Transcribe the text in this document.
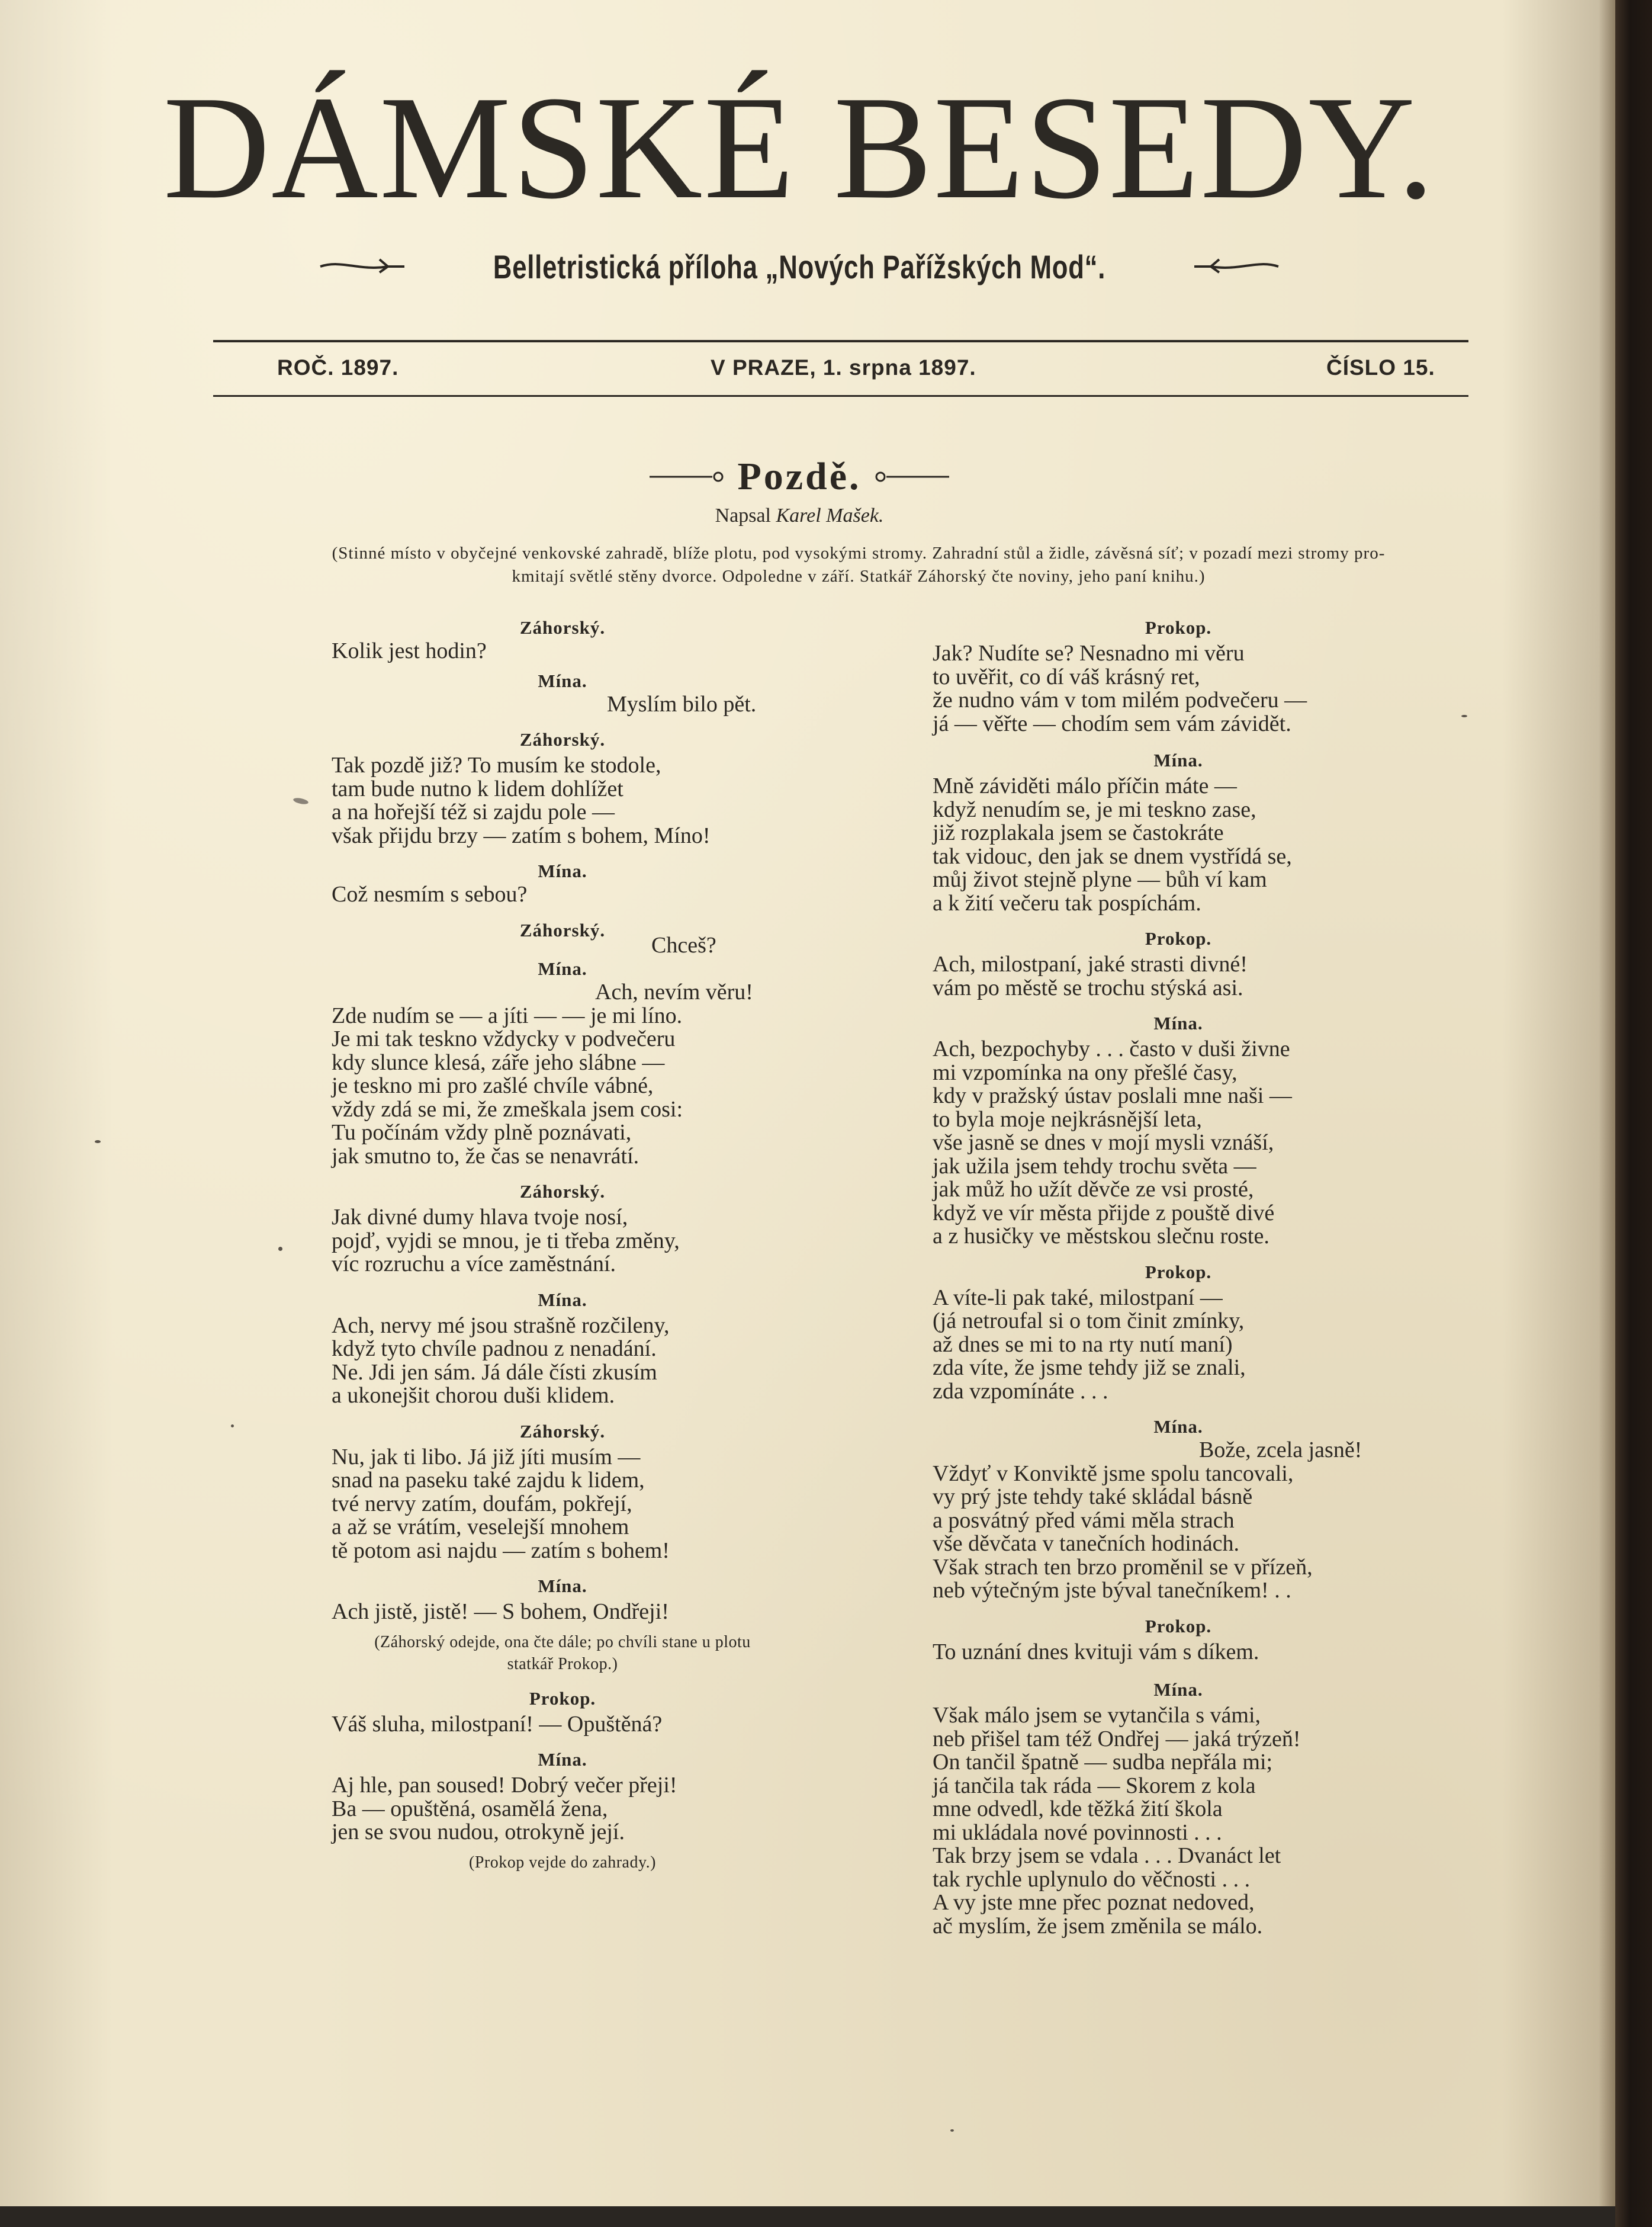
DÁMSKÉ BESEDY.
Belletristická příloha „Nových Pařížských Mod“.
ROČ. 1897.	V PRAZE, 1. srpna 1897.	ČÍSLO 15.
Pozdě.
Napsal Karel Mašek.
(Stinné místo v obyčejné venkovské zahradě, blíže plotu, pod vysokými stromy. Zahradní stůl a židle, závěsná síť; v pozadí mezi stromy pro-
kmitají světlé stěny dvorce. Odpoledne v září. Statkář Záhorský čte noviny, jeho paní knihu.)
Záhorský.
Kolik jest hodin?
Mína.
Myslím bilo pět.
Záhorský.
Tak pozdě již? To musím ke stodole,
tam bude nutno k lidem dohlížet
a na hořejší též si zajdu pole —
však přijdu brzy — zatím s bohem, Míno!
Mína.
Což nesmím s sebou?
Záhorský.
Chceš?
Mína.
Ach, nevím věru!
Zde nudím se — a jíti — — je mi líno.
Je mi tak teskno vždycky v podvečeru
kdy slunce klesá, záře jeho slábne —
je teskno mi pro zašlé chvíle vábné,
vždy zdá se mi, že zmeškala jsem cosi:
Tu počínám vždy plně poznávati,
jak smutno to, že čas se nenavrátí.
Záhorský.
Jak divné dumy hlava tvoje nosí,
pojď, vyjdi se mnou, je ti třeba změny,
víc rozruchu a více zaměstnání.
Mína.
Ach, nervy mé jsou strašně rozčileny,
když tyto chvíle padnou z nenadání.
Ne. Jdi jen sám. Já dále čísti zkusím
a ukonejšit chorou duši klidem.
Záhorský.
Nu, jak ti libo. Já již jíti musím —
snad na paseku také zajdu k lidem,
tvé nervy zatím, doufám, pokřejí,
a až se vrátím, veselejší mnohem
tě potom asi najdu — zatím s bohem!
Mína.
Ach jistě, jistě! — S bohem, Ondřeji!
(Záhorský odejde, ona čte dále; po chvíli stane u plotu
statkář Prokop.)
Prokop.
Váš sluha, milostpaní! — Opuštěná?
Mína.
Aj hle, pan soused! Dobrý večer přeji!
Ba — opuštěná, osamělá žena,
jen se svou nudou, otrokyně její.
(Prokop vejde do zahrady.)
Prokop.
Jak? Nudíte se? Nesnadno mi věru
to uvěřit, co dí váš krásný ret,
že nudno vám v tom milém podvečeru —
já — věřte — chodím sem vám závidět.
Mína.
Mně záviděti málo příčin máte —
když nenudím se, je mi teskno zase,
již rozplakala jsem se častokráte
tak vidouc, den jak se dnem vystřídá se,
můj život stejně plyne — bůh ví kam
a k žití večeru tak pospíchám.
Prokop.
Ach, milostpaní, jaké strasti divné!
vám po městě se trochu stýská asi.
Mína.
Ach, bezpochyby . . . často v duši živne
mi vzpomínka na ony přešlé časy,
kdy v pražský ústav poslali mne naši —
to byla moje nejkrásnější leta,
vše jasně se dnes v mojí mysli vznáší,
jak užila jsem tehdy trochu světa —
jak můž ho užít děvče ze vsi prosté,
když ve vír města přijde z pouště divé
a z husičky ve městskou slečnu roste.
Prokop.
A víte-li pak také, milostpaní —
(já netroufal si o tom činit zmínky,
až dnes se mi to na rty nutí maní)
zda víte, že jsme tehdy již se znali,
zda vzpomínáte . . .
Mína.
Bože, zcela jasně!
Vždyť v Konviktě jsme spolu tancovali,
vy prý jste tehdy také skládal básně
a posvátný před vámi měla strach
vše děvčata v tanečních hodinách.
Však strach ten brzo proměnil se v přízeň,
neb výtečným jste býval tanečníkem! . .
Prokop.
To uznání dnes kvituji vám s díkem.
Mína.
Však málo jsem se vytančila s vámi,
neb přišel tam též Ondřej — jaká trýzeň!
On tančil špatně — sudba nepřála mi;
já tančila tak ráda — Skorem z kola
mne odvedl, kde těžká žití škola
mi ukládala nové povinnosti . . .
Tak brzy jsem se vdala . . . Dvanáct let
tak rychle uplynulo do věčnosti . . .
A vy jste mne přec poznat nedoved,
ač myslím, že jsem změnila se málo.
